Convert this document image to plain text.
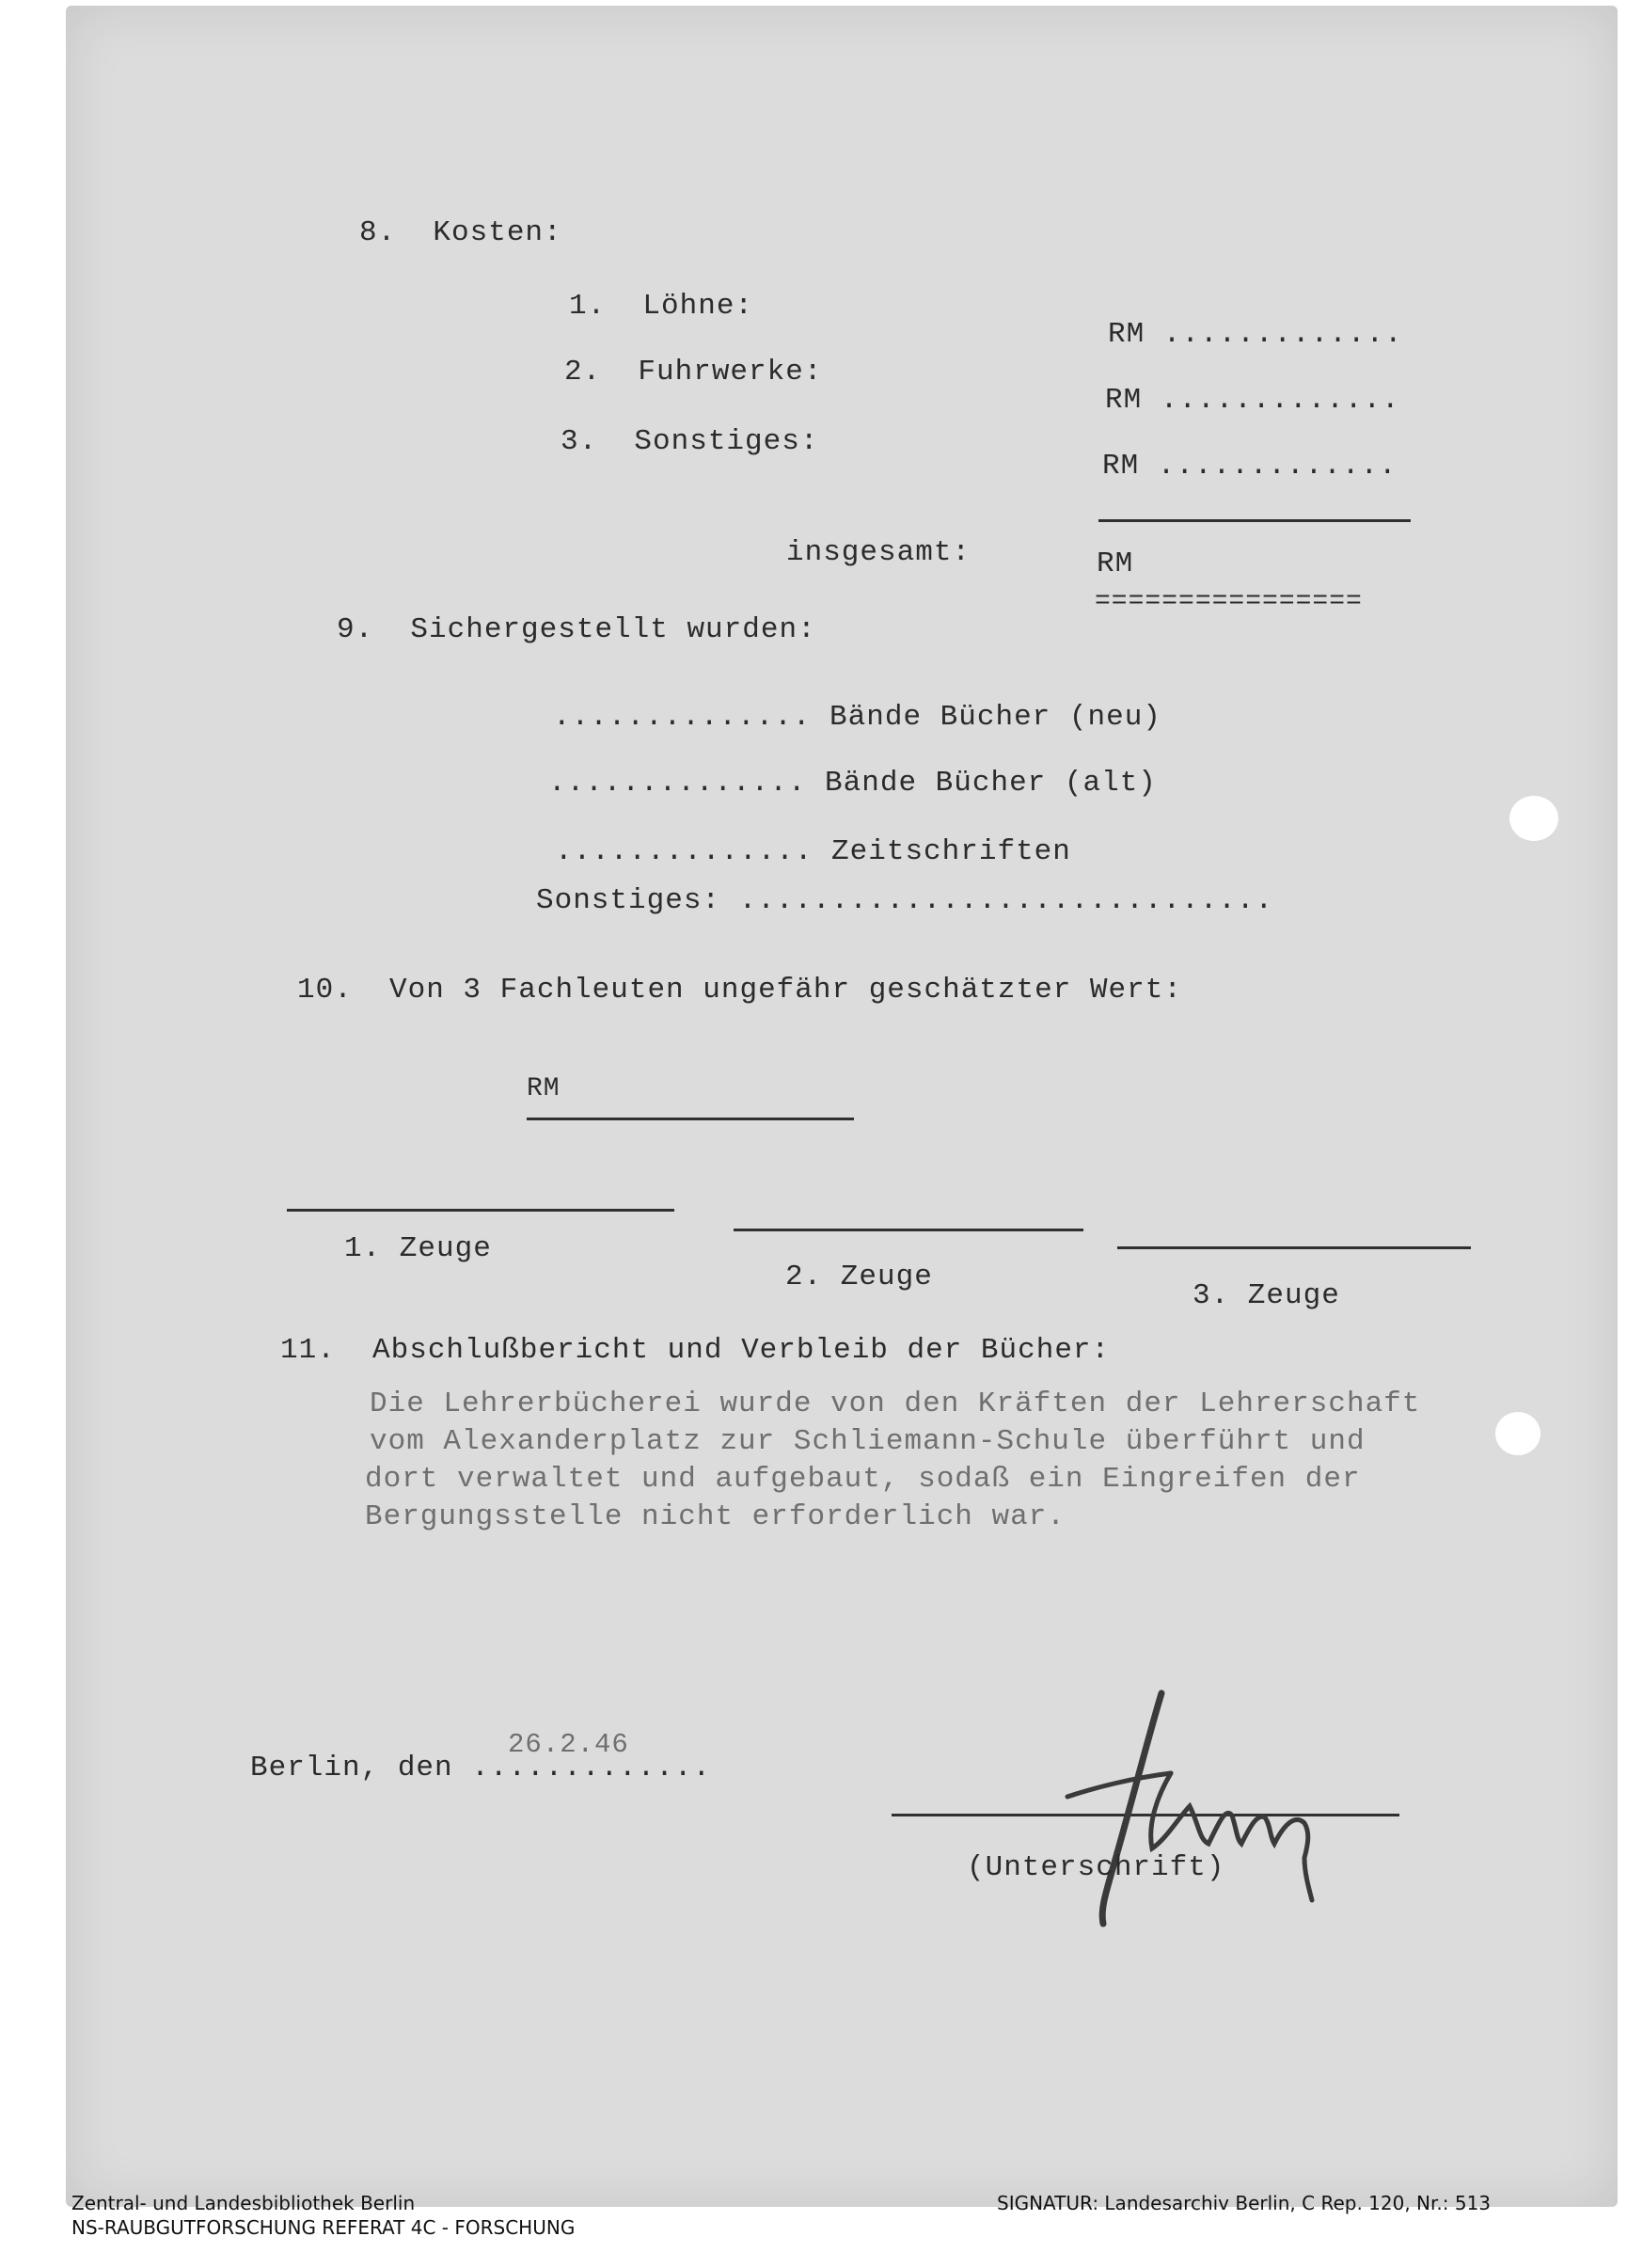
8.  Kosten:
1.  Löhne:
RM .............
2.  Fuhrwerke:
RM .............
3.  Sonstiges:
RM .............
insgesamt:	RM
================
9.  Sichergestellt wurden:
.............. Bände Bücher (neu)
.............. Bände Bücher (alt)
.............. Zeitschriften
Sonstiges: .............................
10.  Von 3 Fachleuten ungefähr geschätzter Wert:
RM
1. Zeuge
2. Zeuge
3. Zeuge
11.  Abschlußbericht und Verbleib der Bücher:
Die Lehrerbücherei wurde von den Kräften der Lehrerschaft
vom Alexanderplatz zur Schliemann-Schule überführt und
dort verwaltet und aufgebaut, sodaß ein Eingreifen der
Bergungsstelle nicht erforderlich war.
26.2.46
Berlin, den .............
(Unterschrift)
Zentral- und Landesbibliothek Berlin
NS-RAUBGUTFORSCHUNG REFERAT 4C - FORSCHUNG
SIGNATUR: Landesarchiv Berlin, C Rep. 120, Nr.: 513
